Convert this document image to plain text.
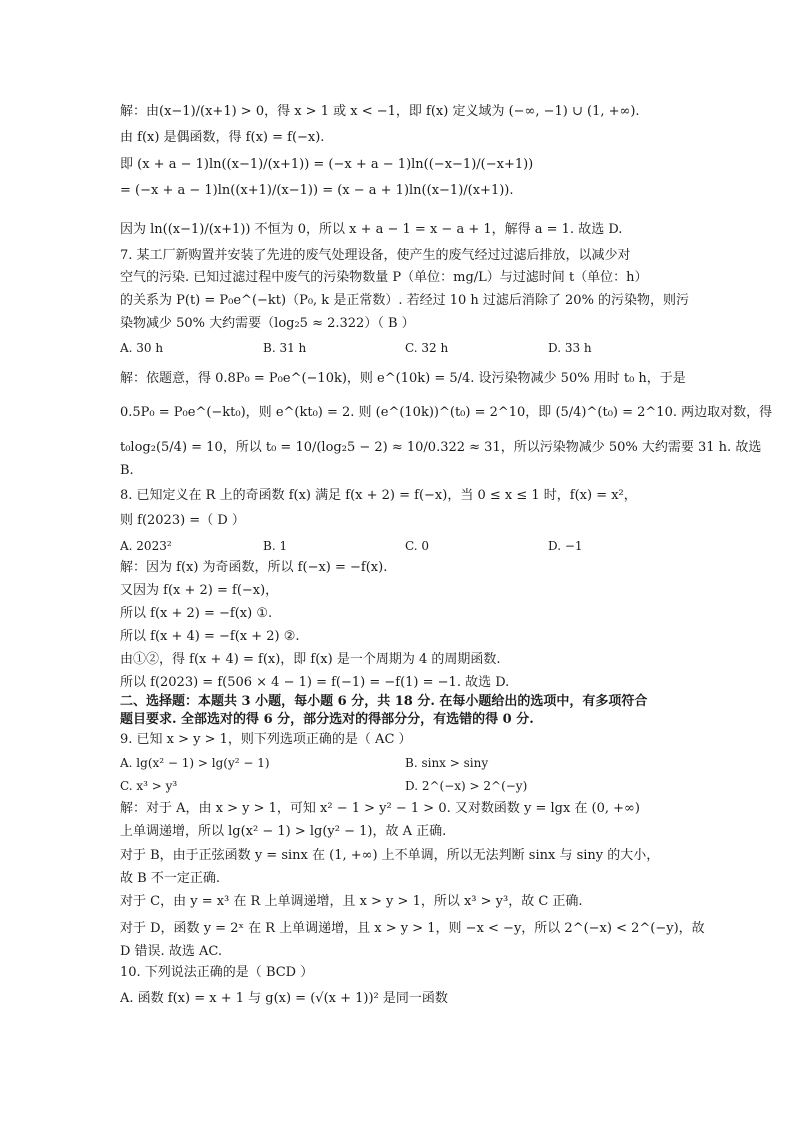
解：由(x−1)/(x+1) > 0，得 x > 1 或 x < −1，即 f(x) 定义域为 (−∞, −1) ∪ (1, +∞).
由 f(x) 是偶函数，得 f(x) = f(−x).
即 (x + a − 1)ln((x−1)/(x+1)) = (−x + a − 1)ln((−x−1)/(−x+1))
= (−x + a − 1)ln((x+1)/(x−1)) = (x − a + 1)ln((x−1)/(x+1)).
因为 ln((x−1)/(x+1)) 不恒为 0，所以 x + a − 1 = x − a + 1，解得 a = 1. 故选 D.
7. 某工厂新购置并安装了先进的废气处理设备，使产生的废气经过过滤后排放，以减少对
空气的污染. 已知过滤过程中废气的污染物数量 P（单位：mg/L）与过滤时间 t（单位：h）
的关系为 P(t) = P₀e^(−kt)（P₀, k 是正常数）. 若经过 10 h 过滤后消除了 20% 的污染物，则污
染物减少 50% 大约需要（log₂5 ≈ 2.322）（ B ）
A. 30 h	B. 31 h	C. 32 h	D. 33 h
解：依题意，得 0.8P₀ = P₀e^(−10k)，则 e^(10k) = 5/4. 设污染物减少 50% 用时 t₀ h，于是
0.5P₀ = P₀e^(−kt₀)，则 e^(kt₀) = 2. 则 (e^(10k))^(t₀) = 2^10，即 (5/4)^(t₀) = 2^10. 两边取对数，得
t₀log₂(5/4) = 10，所以 t₀ = 10/(log₂5 − 2) ≈ 10/0.322 ≈ 31，所以污染物减少 50% 大约需要 31 h. 故选
B.
8. 已知定义在 R 上的奇函数 f(x) 满足 f(x + 2) = f(−x)，当 0 ≤ x ≤ 1 时，f(x) = x²，
则 f(2023) =（ D ）
A. 2023²	B. 1	C. 0	D. −1
解：因为 f(x) 为奇函数，所以 f(−x) = −f(x).
又因为 f(x + 2) = f(−x)，
所以 f(x + 2) = −f(x) ①.
所以 f(x + 4) = −f(x + 2) ②.
由①②，得 f(x + 4) = f(x)，即 f(x) 是一个周期为 4 的周期函数.
所以 f(2023) = f(506 × 4 − 1) = f(−1) = −f(1) = −1. 故选 D.
二、选择题：本题共 3 小题，每小题 6 分，共 18 分. 在每小题给出的选项中，有多项符合
题目要求. 全部选对的得 6 分，部分选对的得部分分，有选错的得 0 分.
9. 已知 x > y > 1，则下列选项正确的是（ AC ）
A. lg(x² − 1) > lg(y² − 1)	B. sinx > siny
C. x³ > y³	D. 2^(−x) > 2^(−y)
解：对于 A，由 x > y > 1，可知 x² − 1 > y² − 1 > 0. 又对数函数 y = lgx 在 (0, +∞)
上单调递增，所以 lg(x² − 1) > lg(y² − 1)，故 A 正确.
对于 B，由于正弦函数 y = sinx 在 (1, +∞) 上不单调，所以无法判断 sinx 与 siny 的大小，
故 B 不一定正确.
对于 C，由 y = x³ 在 R 上单调递增，且 x > y > 1，所以 x³ > y³，故 C 正确.
对于 D，函数 y = 2ˣ 在 R 上单调递增，且 x > y > 1，则 −x < −y，所以 2^(−x) < 2^(−y)，故
D 错误. 故选 AC.
10. 下列说法正确的是（ BCD ）
A. 函数 f(x) = x + 1 与 g(x) = (√(x + 1))² 是同一函数
